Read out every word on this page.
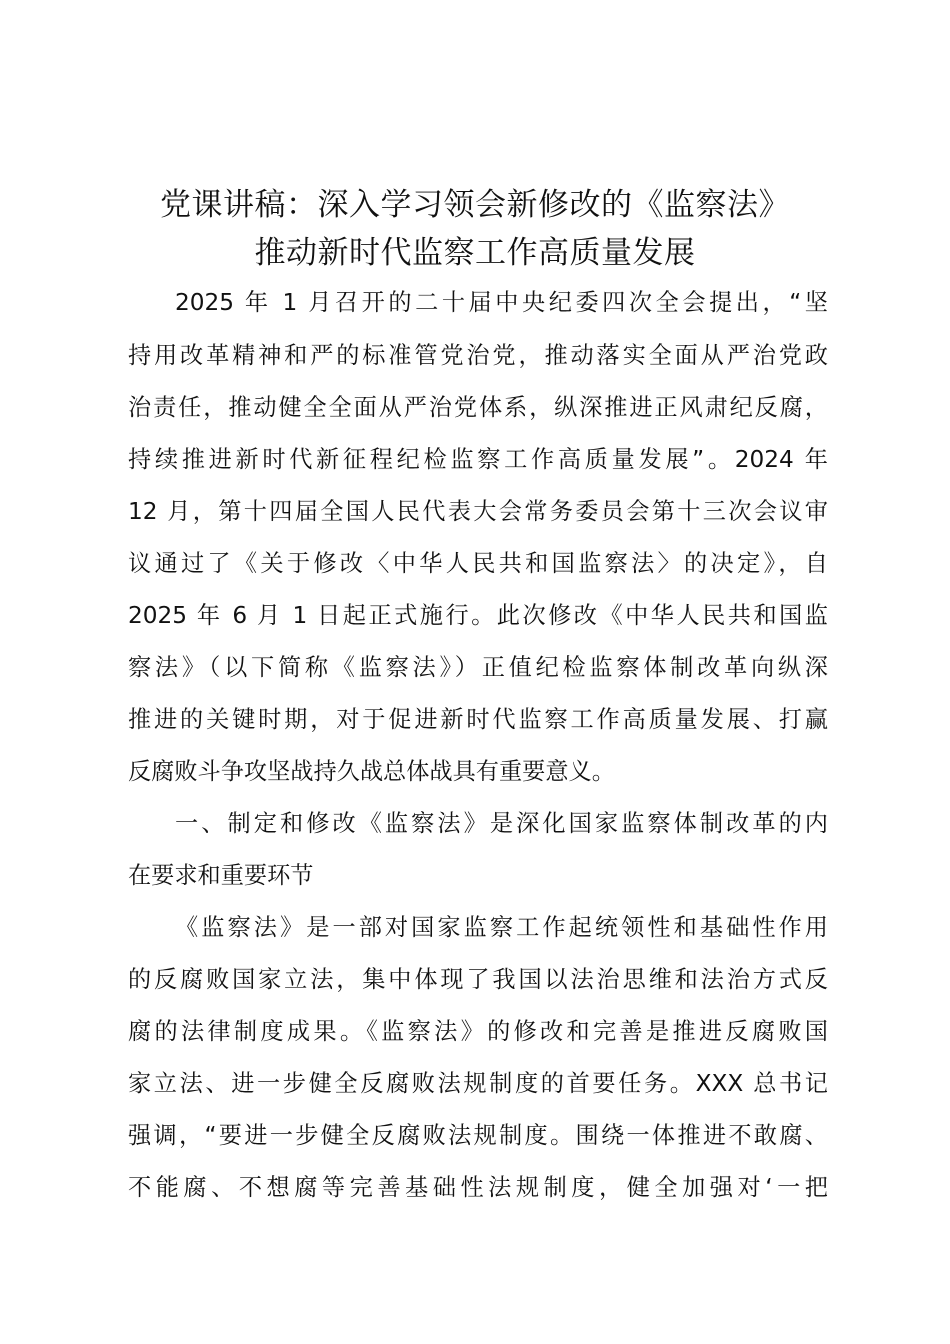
党课讲稿：深入学习领会新修改的《监察法》
推动新时代监察工作高质量发展
2025 年 1 月召开的二十届中央纪委四次全会提出，“坚
持用改革精神和严的标准管党治党，推动落实全面从严治党政
治责任，推动健全全面从严治党体系，纵深推进正风肃纪反腐，
持续推进新时代新征程纪检监察工作高质量发展”。2024 年
12 月，第十四届全国人民代表大会常务委员会第十三次会议审
议通过了《关于修改〈中华人民共和国监察法〉的决定》，自
2025 年 6 月 1 日起正式施行。此次修改《中华人民共和国监
察法》（以下简称《监察法》）正值纪检监察体制改革向纵深
推进的关键时期，对于促进新时代监察工作高质量发展、打赢
反腐败斗争攻坚战持久战总体战具有重要意义。
一、制定和修改《监察法》是深化国家监察体制改革的内
在要求和重要环节
《监察法》是一部对国家监察工作起统领性和基础性作用
的反腐败国家立法，集中体现了我国以法治思维和法治方式反
腐的法律制度成果。《监察法》的修改和完善是推进反腐败国
家立法、进一步健全反腐败法规制度的首要任务。XXX 总书记
强调，“要进一步健全反腐败法规制度。围绕一体推进不敢腐、
不能腐、不想腐等完善基础性法规制度，健全加强对‘一把
